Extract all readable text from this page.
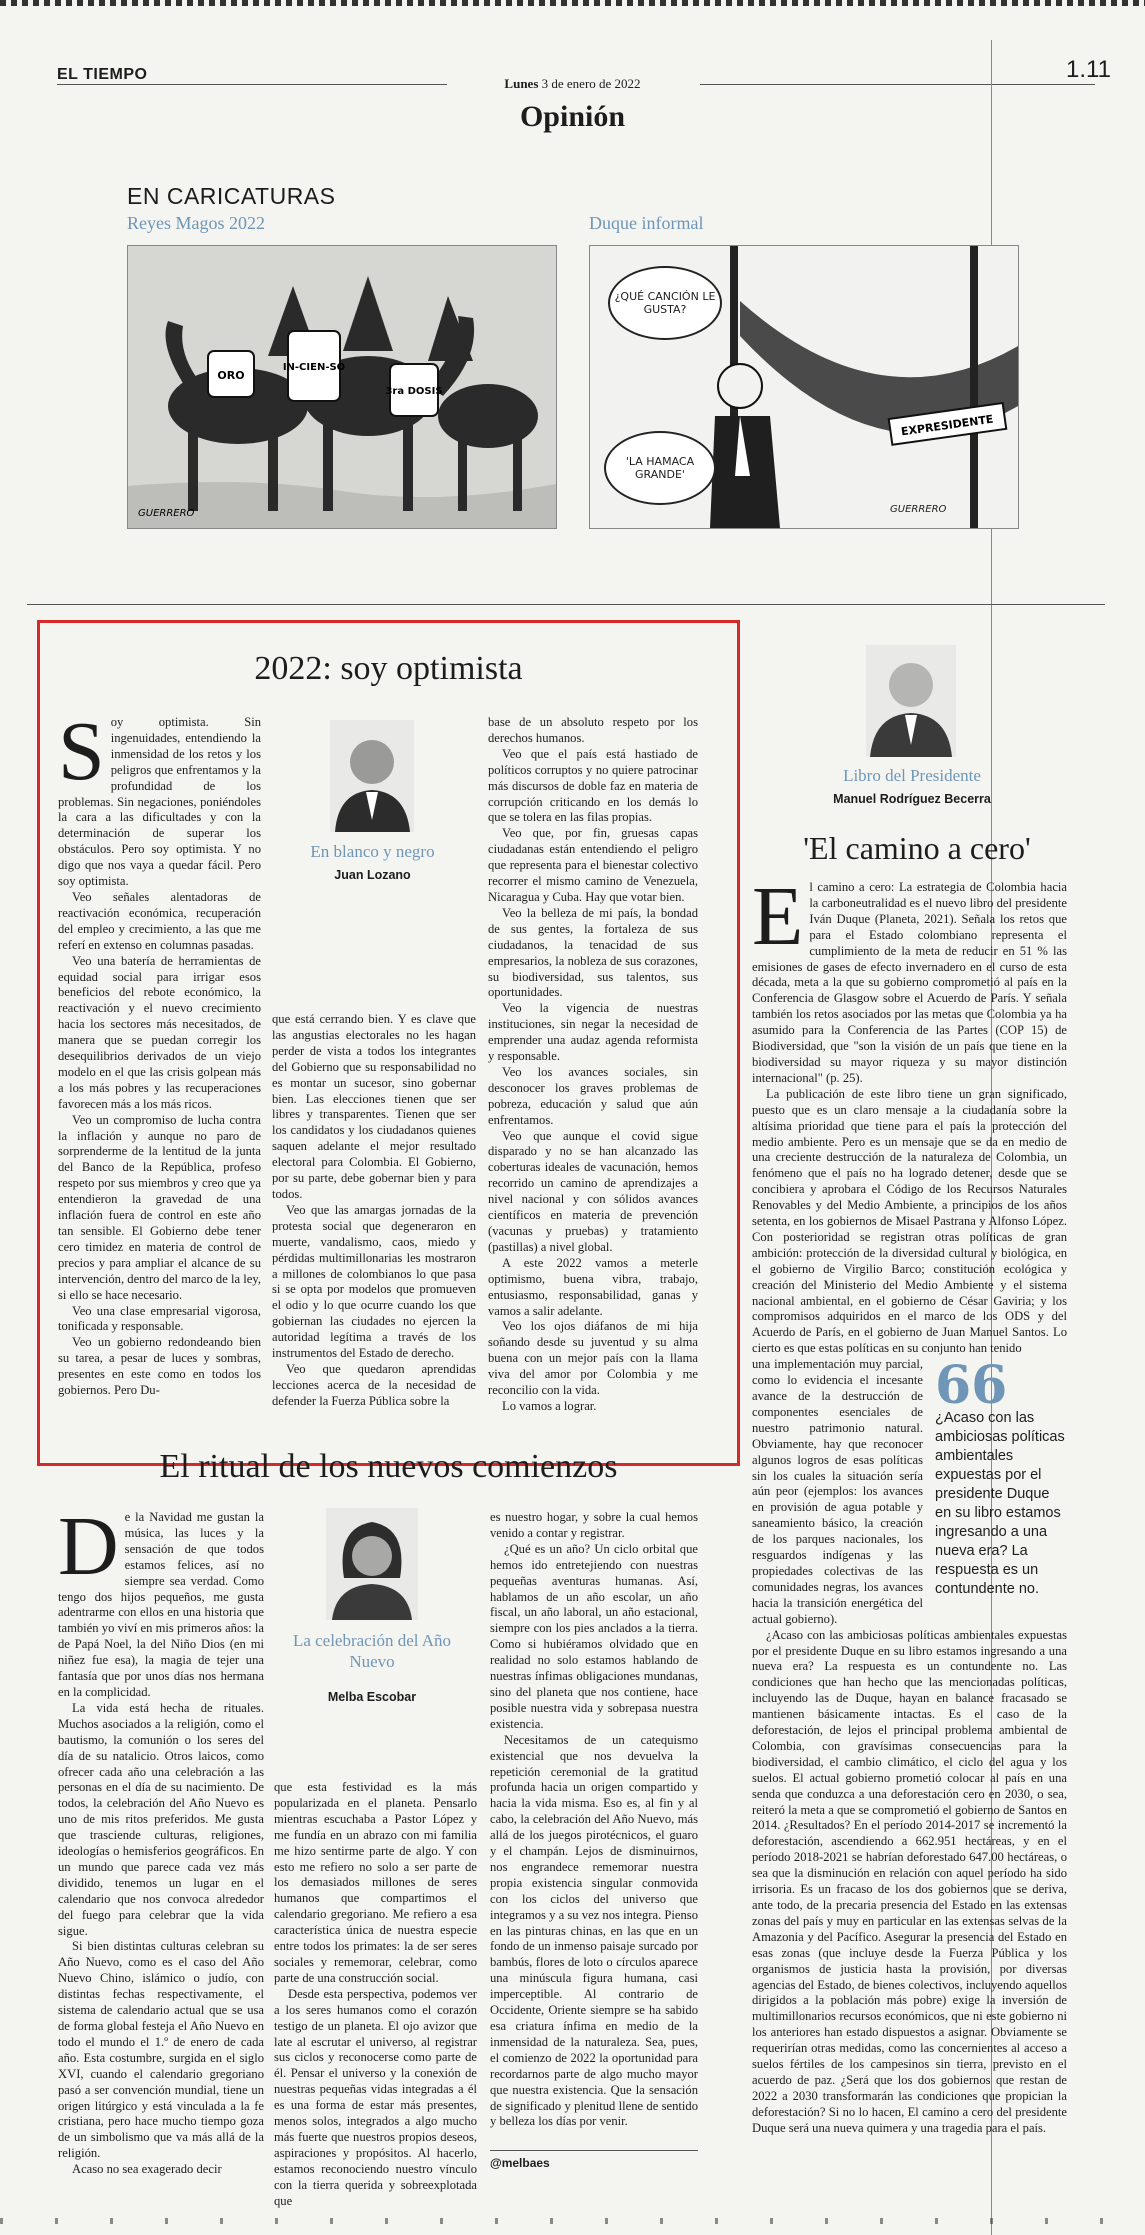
EL TIEMPO
Lunes 3 de enero de 2022
1.11
Opinión
EN CARICATURAS
Reyes Magos 2022	Duque informal
ORO
IN-CIEN-SO
3ra DOSIS
GUERRERO
EXPRESIDENTE
¿QUÉ CANCIÓN LE GUSTA?
'LA HAMACA GRANDE'
GUERRERO
2022: soy optimista
S oy optimista. Sin ingenuidades, entendiendo la inmensidad de los retos y los peligros que enfrentamos y la profundidad de los problemas. Sin negaciones, poniéndoles la cara a las dificultades y con la determinación de superar los obstáculos. Pero soy optimista. Y no digo que nos vaya a quedar fácil. Pero soy optimista.

Veo señales alentadoras de reactivación económica, recuperación del empleo y crecimiento, a las que me referí en extenso en columnas pasadas.

Veo una batería de herramientas de equidad social para irrigar esos beneficios del rebote económico, la reactivación y el nuevo crecimiento hacia los sectores más necesitados, de manera que se puedan corregir los desequilibrios derivados de un viejo modelo en el que las crisis golpean más a los más pobres y las recuperaciones favorecen más a los más ricos.

Veo un compromiso de lucha contra la inflación y aunque no paro de sorprenderme de la lentitud de la junta del Banco de la República, profeso respeto por sus miembros y creo que ya entendieron la gravedad de una inflación fuera de control en este año tan sensible. El Gobierno debe tener cero timidez en materia de control de precios y para ampliar el alcance de su intervención, dentro del marco de la ley, si ello se hace necesario.

Veo una clase empresarial vigorosa, tonificada y responsable.

Veo un gobierno redondeando bien su tarea, a pesar de luces y sombras, presentes en este como en todos los gobiernos. Pero Du-

En blanco y negro
Juan Lozano

que está cerrando bien. Y es clave que las angustias electorales no les hagan perder de vista a todos los integrantes del Gobierno que su responsabilidad no es montar un sucesor, sino gobernar bien. Las elecciones tienen que ser libres y transparentes. Tienen que ser los candidatos y los ciudadanos quienes saquen adelante el mejor resultado electoral para Colombia. El Gobierno, por su parte, debe gobernar bien y para todos.

Veo que las amargas jornadas de la protesta social que degeneraron en muerte, vandalismo, caos, miedo y pérdidas multimillonarias les mostraron a millones de colombianos lo que pasa si se opta por modelos que promueven el odio y lo que ocurre cuando los que gobiernan las ciudades no ejercen la autoridad legítima a través de los instrumentos del Estado de derecho.

Veo que quedaron aprendidas lecciones acerca de la necesidad de defender la Fuerza Pública sobre la

base de un absoluto respeto por los derechos humanos.

Veo que el país está hastiado de políticos corruptos y no quiere patrocinar más discursos de doble faz en materia de corrupción criticando en los demás lo que se tolera en las filas propias.

Veo que, por fin, gruesas capas ciudadanas están entendiendo el peligro que representa para el bienestar colectivo recorrer el mismo camino de Venezuela, Nicaragua y Cuba. Hay que votar bien.

Veo la belleza de mi país, la bondad de sus gentes, la fortaleza de sus ciudadanos, la tenacidad de sus empresarios, la nobleza de sus corazones, su biodiversidad, sus talentos, sus oportunidades.

Veo la vigencia de nuestras instituciones, sin negar la necesidad de emprender una audaz agenda reformista y responsable.

Veo los avances sociales, sin desconocer los graves problemas de pobreza, educación y salud que aún enfrentamos.

Veo que aunque el covid sigue disparado y no se han alcanzado las coberturas ideales de vacunación, hemos recorrido un camino de aprendizajes a nivel nacional y con sólidos avances científicos en materia de prevención (vacunas y pruebas) y tratamiento (pastillas) a nivel global.

A este 2022 vamos a meterle optimismo, buena vibra, trabajo, entusiasmo, responsabilidad, ganas y vamos a salir adelante.

Veo los ojos diáfanos de mi hija soñando desde su juventud y su alma buena con un mejor país con la llama viva del amor por Colombia y me reconcilio con la vida.

Lo vamos a lograr.

Libro del Presidente
Manuel Rodríguez Becerra
'El camino a cero'
E l camino a cero: La estrategia de Colombia hacia la carboneutralidad es el nuevo libro del presidente Iván Duque (Planeta, 2021). Señala los retos que para el Estado colombiano representa el cumplimiento de la meta de reducir en 51 % las emisiones de gases de efecto invernadero en el curso de esta década, meta a la que su gobierno comprometió al país en la Conferencia de Glasgow sobre el Acuerdo de París. Y señala también los retos asociados por las metas que Colombia ya ha asumido para la Conferencia de las Partes (COP 15) de Biodiversidad, que "son la visión de un país que tiene en la biodiversidad su mayor riqueza y su mayor distinción internacional" (p. 25).

La publicación de este libro tiene un gran significado, puesto que es un claro mensaje a la ciudadanía sobre la altísima prioridad que tiene para el país la protección del medio ambiente. Pero es un mensaje que se da en medio de una creciente destrucción de la naturaleza de Colombia, un fenómeno que el país no ha logrado detener, desde que se concibiera y aprobara el Código de los Recursos Naturales Renovables y del Medio Ambiente, a principios de los años setenta, en los gobiernos de Misael Pastrana y Alfonso López. Con posterioridad se registran otras políticas de gran ambición: protección de la diversidad cultural y biológica, en el gobierno de Virgilio Barco; constitución ecológica y creación del Ministerio del Medio Ambiente y el sistema nacional ambiental, en el gobierno de César Gaviria; y los compromisos adquiridos en el marco de los ODS y del Acuerdo de París, en el gobierno de Juan Manuel Santos. Lo cierto es que estas políticas en su conjunto han tenido

66
¿Acaso con las ambiciosas políticas ambientales expuestas por el presidente Duque en su libro estamos ingresando a una nueva era? La respuesta es un contundente no.

una implementación muy parcial, como lo evidencia el incesante avance de la destrucción de componentes esenciales de nuestro patrimonio natural. Obviamente, hay que reconocer algunos logros de esas políticas sin los cuales la situación sería aún peor (ejemplos: los avances en provisión de agua potable y saneamiento básico, la creación de los parques nacionales, los resguardos indígenas y las propiedades colectivas de las comunidades negras, los avances hacia la transición energética del actual gobierno).

¿Acaso con las ambiciosas políticas ambientales expuestas por el presidente Duque en su libro estamos ingresando a una nueva era? La respuesta es un contundente no. Las condiciones que han hecho que las mencionadas políticas, incluyendo las de Duque, hayan en balance fracasado se mantienen básicamente intactas. Es el caso de la deforestación, de lejos el principal problema ambiental de Colombia, con gravísimas consecuencias para la biodiversidad, el cambio climático, el ciclo del agua y los suelos. El actual gobierno prometió colocar al país en una senda que conduzca a una deforestación cero en 2030, o sea, reiteró la meta a que se comprometió el gobierno de Santos en 2014. ¿Resultados? En el período 2014-2017 se incrementó la deforestación, ascendiendo a 662.951 hectáreas, y en el período 2018-2021 se habrían deforestado 647.00 hectáreas, o sea que la disminución en relación con aquel período ha sido irrisoria. Es un fracaso de los dos gobiernos que se deriva, ante todo, de la precaria presencia del Estado en las extensas zonas del país y muy en particular en las extensas selvas de la Amazonia y del Pacífico. Asegurar la presencia del Estado en esas zonas (que incluye desde la Fuerza Pública y los organismos de justicia hasta la provisión, por diversas agencias del Estado, de bienes colectivos, incluyendo aquellos dirigidos a la población más pobre) exige la inversión de multimillonarios recursos económicos, que ni este gobierno ni los anteriores han estado dispuestos a asignar. Obviamente se requerirían otras medidas, como las concernientes al acceso a suelos fértiles de los campesinos sin tierra, previsto en el acuerdo de paz. ¿Será que los dos gobiernos que restan de 2022 a 2030 transformarán las condiciones que propician la deforestación? Si no lo hacen, El camino a cero del presidente Duque será una nueva quimera y una tragedia para el país.

El ritual de los nuevos comienzos
D e la Navidad me gustan la música, las luces y la sensación de que todos estamos felices, así no siempre sea verdad. Como tengo dos hijos pequeños, me gusta adentrarme con ellos en una historia que también yo viví en mis primeros años: la de Papá Noel, la del Niño Dios (en mi niñez fue esa), la magia de tejer una fantasía que por unos días nos hermana en la complicidad.

La vida está hecha de rituales. Muchos asociados a la religión, como el bautismo, la comunión o los seres del día de su natalicio. Otros laicos, como ofrecer cada año una celebración a las personas en el día de su nacimiento. De todos, la celebración del Año Nuevo es uno de mis ritos preferidos. Me gusta que trasciende culturas, religiones, ideologías o hemisferios geográficos. En un mundo que parece cada vez más dividido, tenemos un lugar en el calendario que nos convoca alrededor del fuego para celebrar que la vida sigue.

Si bien distintas culturas celebran su Año Nuevo, como es el caso del Año Nuevo Chino, islámico o judío, con distintas fechas respectivamente, el sistema de calendario actual que se usa de forma global festeja el Año Nuevo en todo el mundo el 1.º de enero de cada año. Esta costumbre, surgida en el siglo XVI, cuando el calendario gregoriano pasó a ser convención mundial, tiene un origen litúrgico y está vinculada a la fe cristiana, pero hace mucho tiempo goza de un simbolismo que va más allá de la religión.

Acaso no sea exagerado decir

La celebración del Año Nuevo
Melba Escobar

que esta festividad es la más popularizada en el planeta. Pensarlo mientras escuchaba a Pastor López y me fundía en un abrazo con mi familia me hizo sentirme parte de algo. Y con esto me refiero no solo a ser parte de los demasiados millones de seres humanos que compartimos el calendario gregoriano. Me refiero a esa característica única de nuestra especie entre todos los primates: la de ser seres sociales y rememorar, celebrar, como parte de una construcción social.

Desde esta perspectiva, podemos ver a los seres humanos como el corazón testigo de un planeta. El ojo avizor que late al escrutar el universo, al registrar sus ciclos y reconocerse como parte de él. Pensar el universo y la conexión de nuestras pequeñas vidas integradas a él es una forma de estar más presentes, menos solos, integrados a algo mucho más fuerte que nuestros propios deseos, aspiraciones y propósitos. Al hacerlo, estamos reconociendo nuestro vínculo con la tierra querida y sobreexplotada que

es nuestro hogar, y sobre la cual hemos venido a contar y registrar.

¿Qué es un año? Un ciclo orbital que hemos ido entretejiendo con nuestras pequeñas aventuras humanas. Así, hablamos de un año escolar, un año fiscal, un año laboral, un año estacional, siempre con los pies anclados a la tierra. Como si hubiéramos olvidado que en realidad no solo estamos hablando de nuestras ínfimas obligaciones mundanas, sino del planeta que nos contiene, hace posible nuestra vida y sobrepasa nuestra existencia.

Necesitamos de un catequismo existencial que nos devuelva la repetición ceremonial de la gratitud profunda hacia un origen compartido y hacia la vida misma. Eso es, al fin y al cabo, la celebración del Año Nuevo, más allá de los juegos pirotécnicos, el guaro y el champán. Lejos de disminuirnos, nos engrandece rememorar nuestra propia existencia singular conmovida con los ciclos del universo que integramos y a su vez nos integra. Pienso en las pinturas chinas, en las que en un fondo de un inmenso paisaje surcado por bambús, flores de loto o círculos aparece una minúscula figura humana, casi imperceptible. Al contrario de Occidente, Oriente siempre se ha sabido esa criatura ínfima en medio de la inmensidad de la naturaleza. Sea, pues, el comienzo de 2022 la oportunidad para recordarnos parte de algo mucho mayor que nuestra existencia. Que la sensación de significado y plenitud llene de sentido y belleza los días por venir.

@melbaes
